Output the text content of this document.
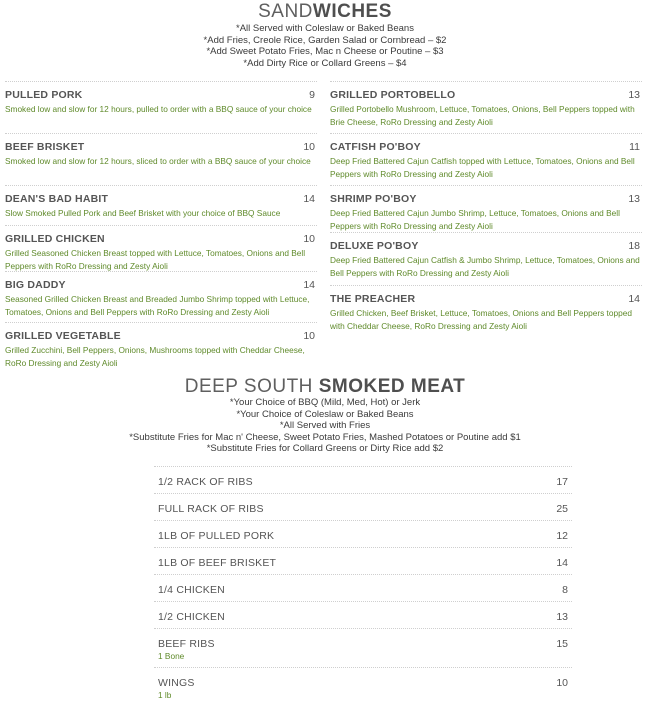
SANDWICHES
*All Served with Coleslaw or Baked Beans
*Add Fries, Creole Rice, Garden Salad or Cornbread – $2
*Add Sweet Potato Fries, Mac n Cheese or Poutine – $3
*Add Dirty Rice or Collard Greens – $4
PULLED PORK	9
Smoked low and slow for 12 hours, pulled to order with a BBQ sauce of your choice
BEEF BRISKET	10
Smoked low and slow for 12 hours, sliced to order with a BBQ sauce of your choice
DEAN'S BAD HABIT	14
Slow Smoked Pulled Pork and Beef Brisket with your choice of BBQ Sauce
GRILLED CHICKEN	10
Grilled Seasoned Chicken Breast topped with Lettuce, Tomatoes, Onions and Bell Peppers with RoRo Dressing and Zesty Aioli
BIG DADDY	14
Seasoned Grilled Chicken Breast and Breaded Jumbo Shrimp topped with Lettuce, Tomatoes, Onions and Bell Peppers with RoRo Dressing and Zesty Aioli
GRILLED VEGETABLE	10
Grilled Zucchini, Bell Peppers, Onions, Mushrooms topped with Cheddar Cheese, RoRo Dressing and Zesty Aioli
GRILLED PORTOBELLO	13
Grilled Portobello Mushroom, Lettuce, Tomatoes, Onions, Bell Peppers topped with Brie Cheese, RoRo Dressing and Zesty Aioli
CATFISH PO'BOY	11
Deep Fried Battered Cajun Catfish topped with Lettuce, Tomatoes, Onions and Bell Peppers with RoRo Dressing and Zesty Aioli
SHRIMP PO'BOY	13
Deep Fried Battered Cajun Jumbo Shrimp, Lettuce, Tomatoes, Onions and Bell Peppers with RoRo Dressing and Zesty Aioli
DELUXE PO'BOY	18
Deep Fried Battered Cajun Catfish & Jumbo Shrimp, Lettuce, Tomatoes, Onions and Bell Peppers with RoRo Dressing and Zesty Aioli
THE PREACHER	14
Grilled Chicken, Beef Brisket, Lettuce, Tomatoes, Onions and Bell Peppers topped with Cheddar Cheese, RoRo Dressing and Zesty Aioli
DEEP SOUTH SMOKED MEAT
*Your Choice of BBQ (Mild, Med, Hot) or Jerk
*Your Choice of Coleslaw or Baked Beans
*All Served with Fries
*Substitute Fries for Mac n' Cheese, Sweet Potato Fries, Mashed Potatoes or Poutine add $1
*Substitute Fries for Collard Greens or Dirty Rice add $2
1/2 RACK OF RIBS	17
FULL RACK OF RIBS	25
1LB OF PULLED PORK	12
1LB OF BEEF BRISKET	14
1/4 CHICKEN	8
1/2 CHICKEN	13
BEEF RIBS	15
1 Bone
WINGS	10
1 lb
